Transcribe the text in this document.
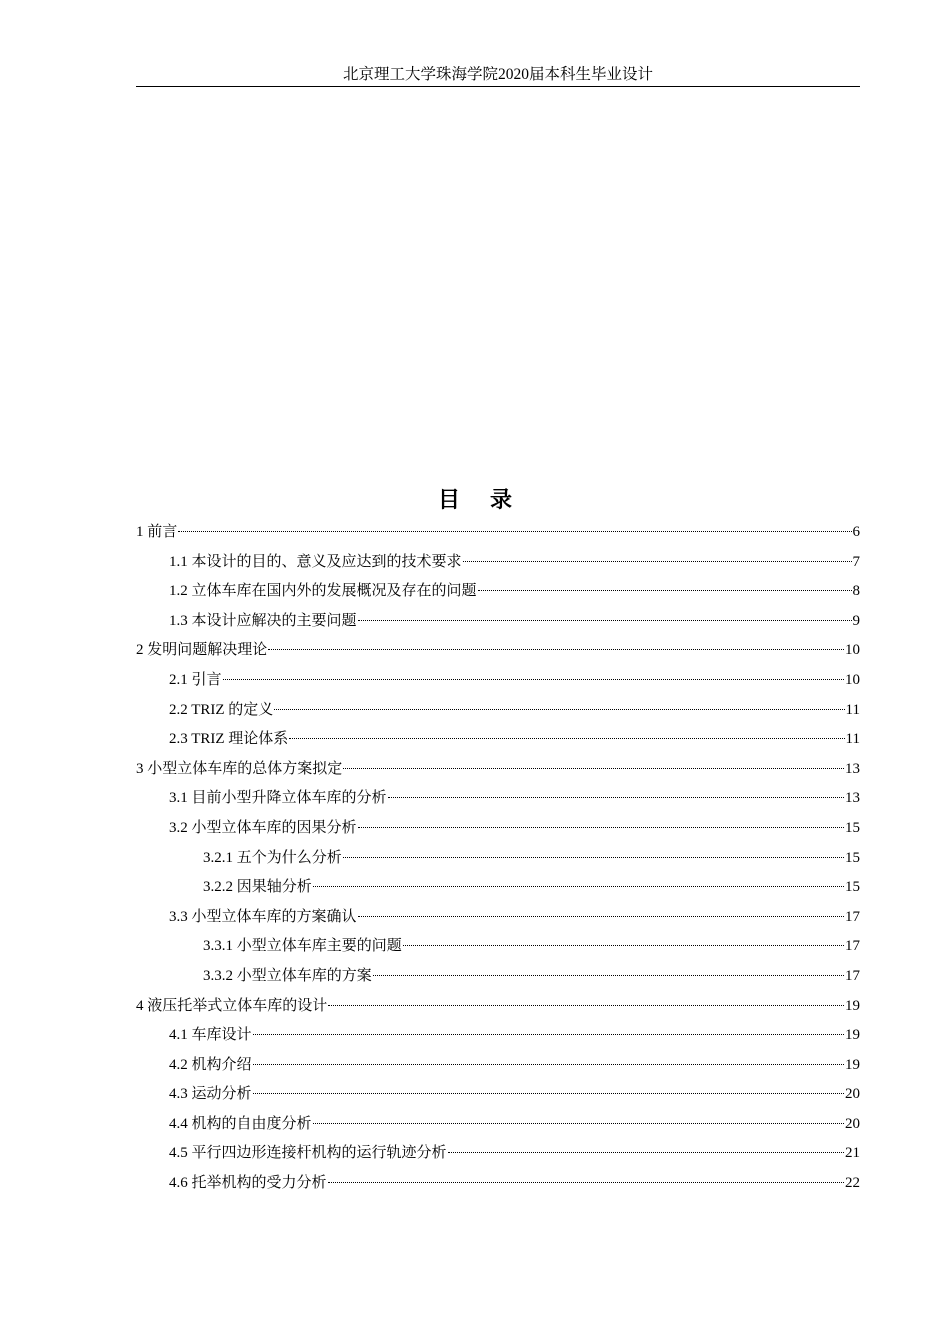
北京理工大学珠海学院2020届本科生毕业设计
目 录
1 前言	6
1.1 本设计的目的、意义及应达到的技术要求	7
1.2 立体车库在国内外的发展概况及存在的问题	8
1.3 本设计应解决的主要问题	9
2 发明问题解决理论	10
2.1 引言	10
2.2 TRIZ 的定义	11
2.3 TRIZ 理论体系	11
3 小型立体车库的总体方案拟定	13
3.1 目前小型升降立体车库的分析	13
3.2 小型立体车库的因果分析	15
3.2.1 五个为什么分析	15
3.2.2 因果轴分析	15
3.3 小型立体车库的方案确认	17
3.3.1 小型立体车库主要的问题	17
3.3.2 小型立体车库的方案	17
4 液压托举式立体车库的设计	19
4.1 车库设计	19
4.2 机构介绍	19
4.3 运动分析	20
4.4 机构的自由度分析	20
4.5 平行四边形连接杆机构的运行轨迹分析	21
4.6 托举机构的受力分析	22
